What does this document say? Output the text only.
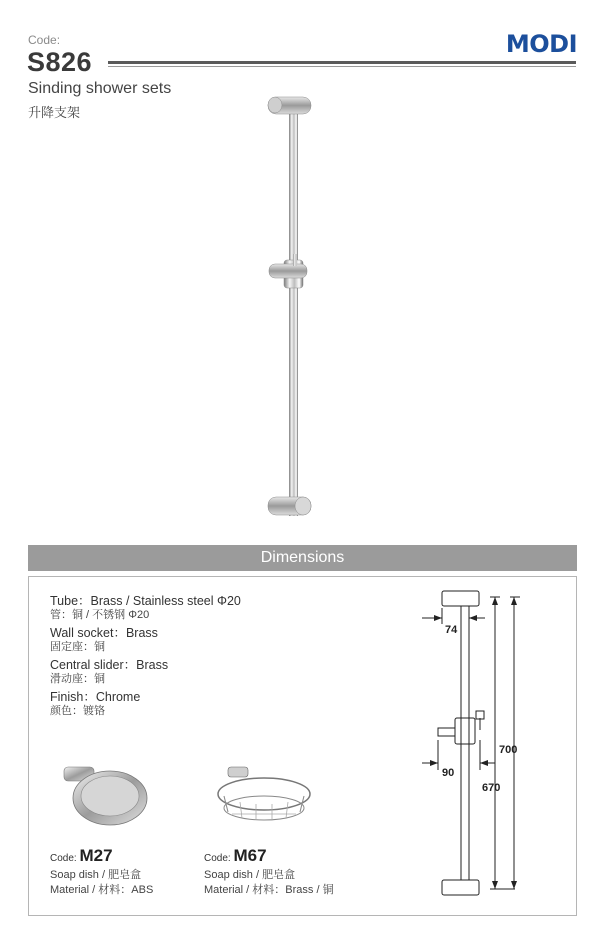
Code:
S826
MODI
Sinding shower sets
升降支架
Dimensions
Tube：Brass / Stainless steel Φ20
管：铜 / 不锈钢 Φ20
Wall socket：Brass
固定座：铜
Central slider：Brass
滑动座：铜
Finish：Chrome
颜色：镀铬
Code: M27
Soap dish / 肥皂盒
Material / 材料：ABS
Code: M67
Soap dish / 肥皂盒
Material / 材料：Brass / 铜
74
90
700
670
